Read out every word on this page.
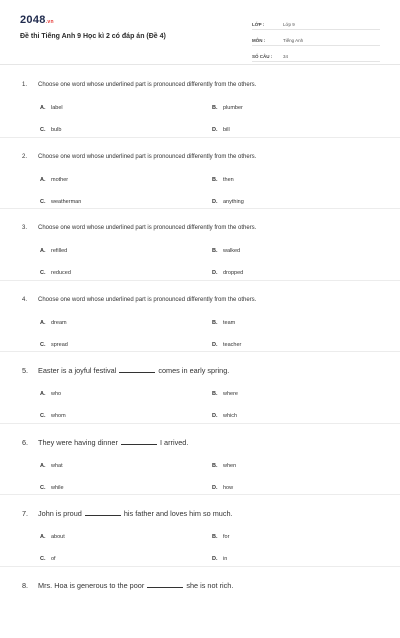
2048.vn
Đề thi Tiếng Anh 9 Học kì 2 có đáp án (Đề 4)
LỚP :	Lớp 9
MÔN :	Tiếng Anh
SỐ CÂU :	34
1. Choose one word whose underlined part is pronounced differently from the others.
A. label	B. plumber
C. bulb	D. bill
2. Choose one word whose underlined part is pronounced differently from the others.
A. mother	B. then
C. weatherman	D. anything
3. Choose one word whose underlined part is pronounced differently from the others.
A. refilled	B. walked
C. reduced	D. dropped
4. Choose one word whose underlined part is pronounced differently from the others.
A. dream	B. team
C. spread	D. teacher
5. Easter is a joyful festival	comes in early spring.
A. who	B. where
C. whom	D. which
6. They were having dinner	I arrived.
A. what	B. when
C. while	D. how
7. John is proud	his father and loves him so much.
A. about	B. for
C. of	D. in
8. Mrs. Hoa is generous to the poor	she is not rich.
